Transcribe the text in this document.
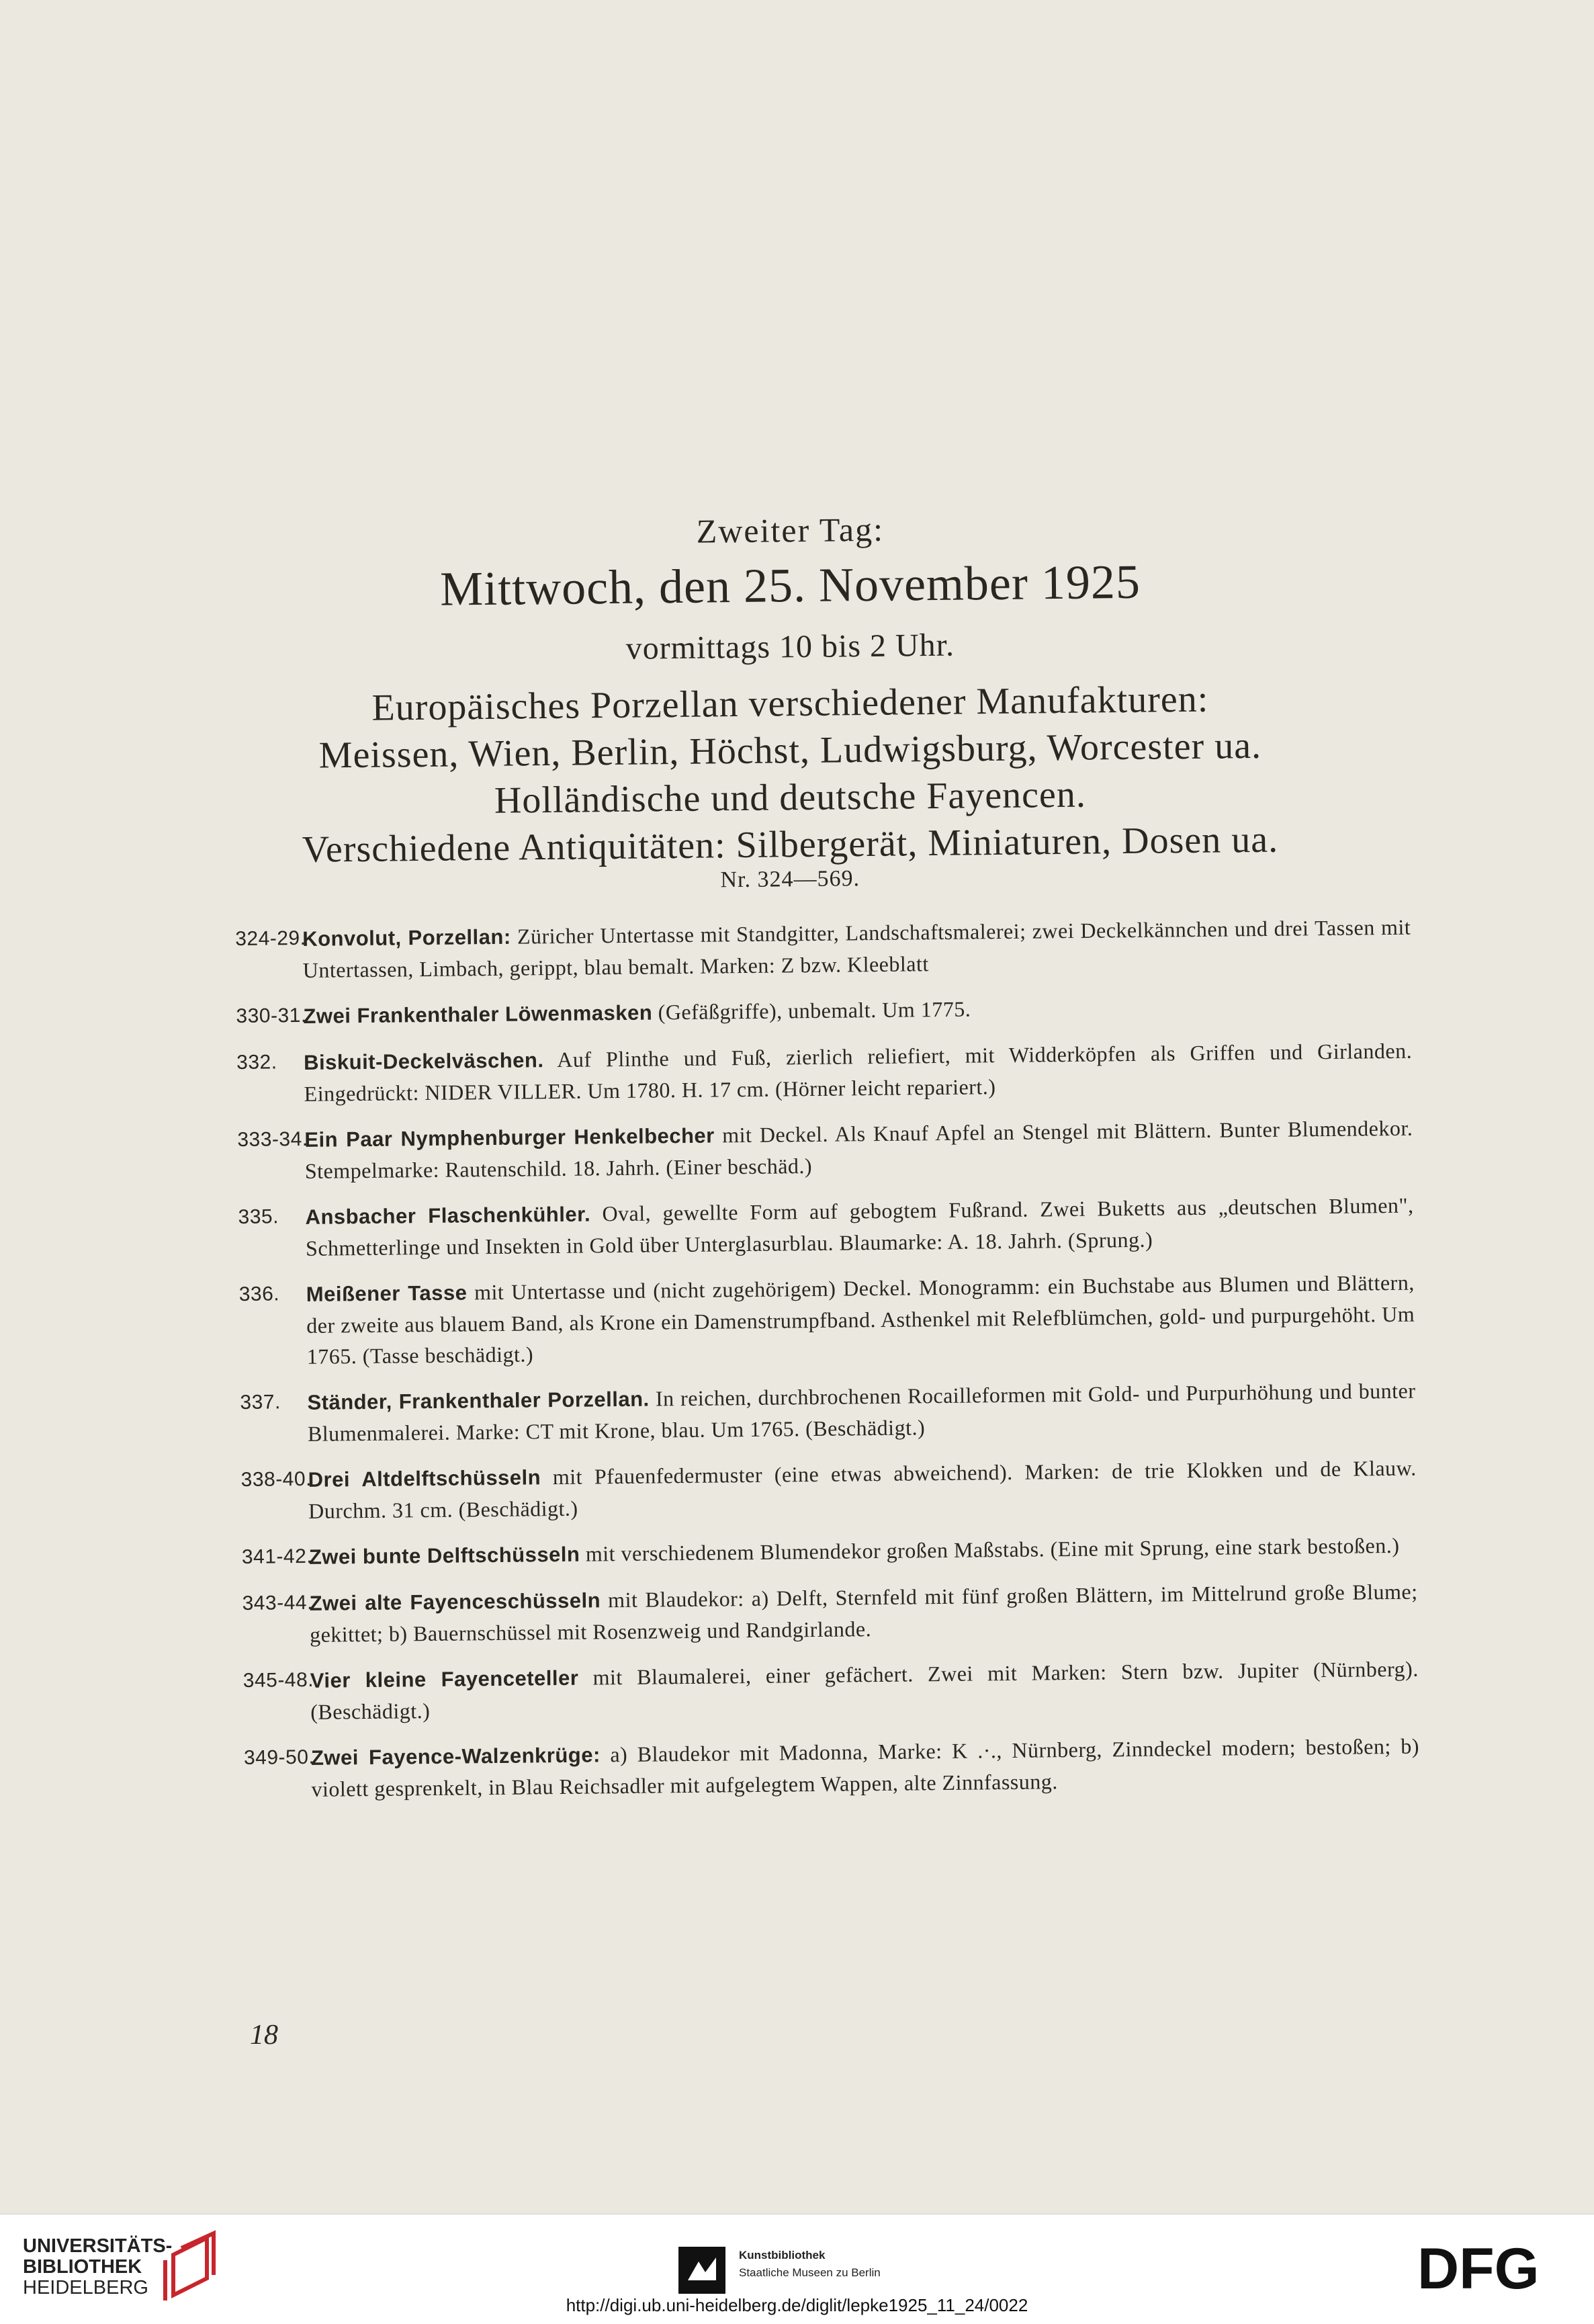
Zweiter Tag:
Mittwoch, den 25. November 1925
vormittags 10 bis 2 Uhr.
Europäisches Porzellan verschiedener Manufakturen:
Meissen, Wien, Berlin, Höchst, Ludwigsburg, Worcester ua.
Holländische und deutsche Fayencen.
Verschiedene Antiquitäten: Silbergerät, Miniaturen, Dosen ua.
Nr. 324—569.
324-29.
Konvolut, Porzellan: Züricher Untertasse mit Standgitter, Landschaftsmalerei; zwei Deckelkännchen und drei Tassen mit Untertassen, Limbach, gerippt, blau bemalt. Marken: Z bzw. Kleeblatt
330-31.
Zwei Frankenthaler Löwenmasken (Gefäßgriffe), unbemalt. Um 1775.
332. Biskuit-Deckelväschen. Auf Plinthe und Fuß, zierlich reliefiert, mit Widderköpfen als Griffen und Girlanden. Eingedrückt: NIDER VILLER. Um 1780. H. 17 cm. (Hörner leicht repariert.)
333-34.
Ein Paar Nymphenburger Henkelbecher mit Deckel. Als Knauf Apfel an Stengel mit Blättern. Bunter Blumendekor. Stempelmarke: Rautenschild. 18. Jahrh. (Einer beschäd.)
335. Ansbacher Flaschenkühler. Oval, gewellte Form auf gebogtem Fußrand. Zwei Buketts aus „deutschen Blumen", Schmetterlinge und Insekten in Gold über Unterglasurblau. Blaumarke: A. 18. Jahrh. (Sprung.)
336. Meißener Tasse mit Untertasse und (nicht zugehörigem) Deckel. Monogramm: ein Buchstabe aus Blumen und Blättern, der zweite aus blauem Band, als Krone ein Damenstrumpfband. Asthenkel mit Relefblümchen, gold- und purpurgehöht. Um 1765. (Tasse beschädigt.)
337. Ständer, Frankenthaler Porzellan. In reichen, durchbrochenen Rocailleformen mit Gold- und Purpurhöhung und bunter Blumenmalerei. Marke: CT mit Krone, blau. Um 1765. (Beschädigt.)
338-40.
Drei Altdelftschüsseln mit Pfauenfedermuster (eine etwas abweichend). Marken: de trie Klokken und de Klauw. Durchm. 31 cm. (Beschädigt.)
341-42.
Zwei bunte Delftschüsseln mit verschiedenem Blumendekor großen Maßstabs. (Eine mit Sprung, eine stark bestoßen.)
343-44.
Zwei alte Fayenceschüsseln mit Blaudekor: a) Delft, Sternfeld mit fünf großen Blättern, im Mittelrund große Blume; gekittet; b) Bauernschüssel mit Rosenzweig und Randgirlande.
345-48.
Vier kleine Fayenceteller mit Blaumalerei, einer gefächert. Zwei mit Marken: Stern bzw. Jupiter (Nürnberg). (Beschädigt.)
349-50.
Zwei Fayence-Walzenkrüge: a) Blaudekor mit Madonna, Marke: K .·., Nürnberg, Zinndeckel modern; bestoßen; b) violett gesprenkelt, in Blau Reichsadler mit aufgelegtem Wappen, alte Zinnfassung.
18
UNIVERSITÄTS-
BIBLIOTHEK
HEIDELBERG
Kunstbibliothek
Staatliche Museen zu Berlin	DFG
http://digi.ub.uni-heidelberg.de/diglit/lepke1925_11_24/0022
